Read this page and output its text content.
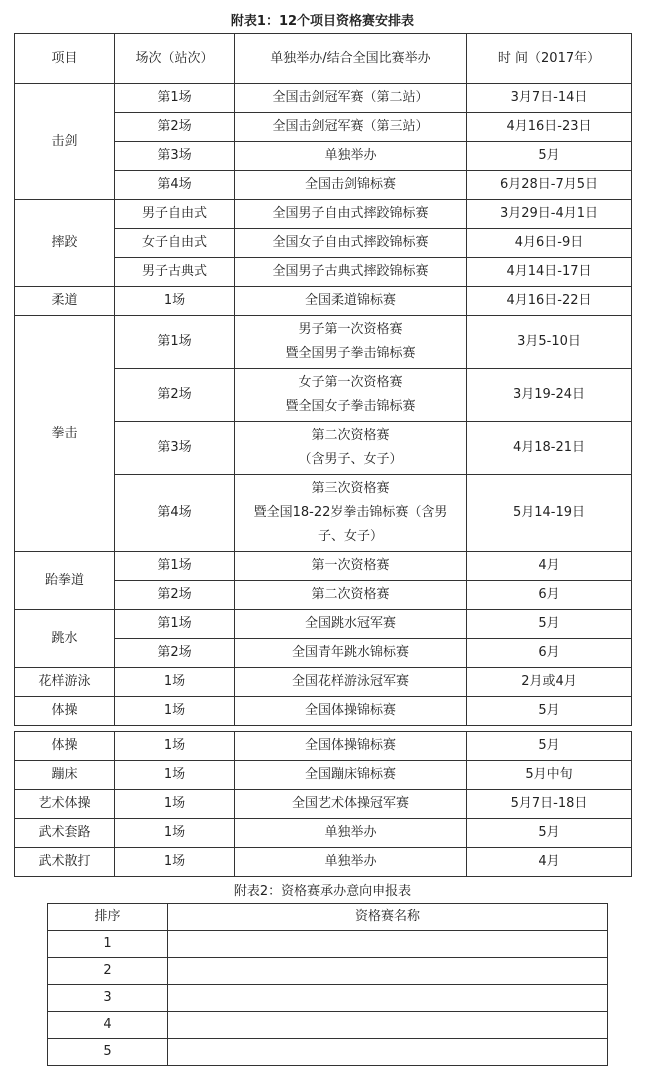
附表1：12个项目资格赛安排表
项目	场次（站次）	单独举办/结合全国比赛举办	时 间（2017年）
击剑	第1场	全国击剑冠军赛（第二站）	3月7日-14日
	第2场	全国击剑冠军赛（第三站）	4月16日-23日
	第3场	单独举办	5月
	第4场	全国击剑锦标赛	6月28日-7月5日
摔跤	男子自由式	全国男子自由式摔跤锦标赛	3月29日-4月1日
	女子自由式	全国女子自由式摔跤锦标赛	4月6日-9日
	男子古典式	全国男子古典式摔跤锦标赛	4月14日-17日
柔道	1场	全国柔道锦标赛	4月16日-22日
拳击	第1场	男子第一次资格赛
暨全国男子拳击锦标赛	3月5-10日
	第2场	女子第一次资格赛
暨全国女子拳击锦标赛	3月19-24日
	第3场	第二次资格赛
（含男子、女子）	4月18-21日
	第4场	第三次资格赛
暨全国18-22岁拳击锦标赛（含男
子、女子）	5月14-19日
跆拳道	第1场	第一次资格赛	4月
	第2场	第二次资格赛	6月
跳水	第1场	全国跳水冠军赛	5月
	第2场	全国青年跳水锦标赛	6月
花样游泳	1场	全国花样游泳冠军赛	2月或4月
体操	1场	全国体操锦标赛	5月
体操	1场	全国体操锦标赛	5月
蹦床	1场	全国蹦床锦标赛	5月中旬
艺术体操	1场	全国艺术体操冠军赛	5月7日-18日
武术套路	1场	单独举办	5月
武术散打	1场	单独举办	4月
附表2：资格赛承办意向申报表
排序	资格赛名称
1	
2	
3	
4	
5	
